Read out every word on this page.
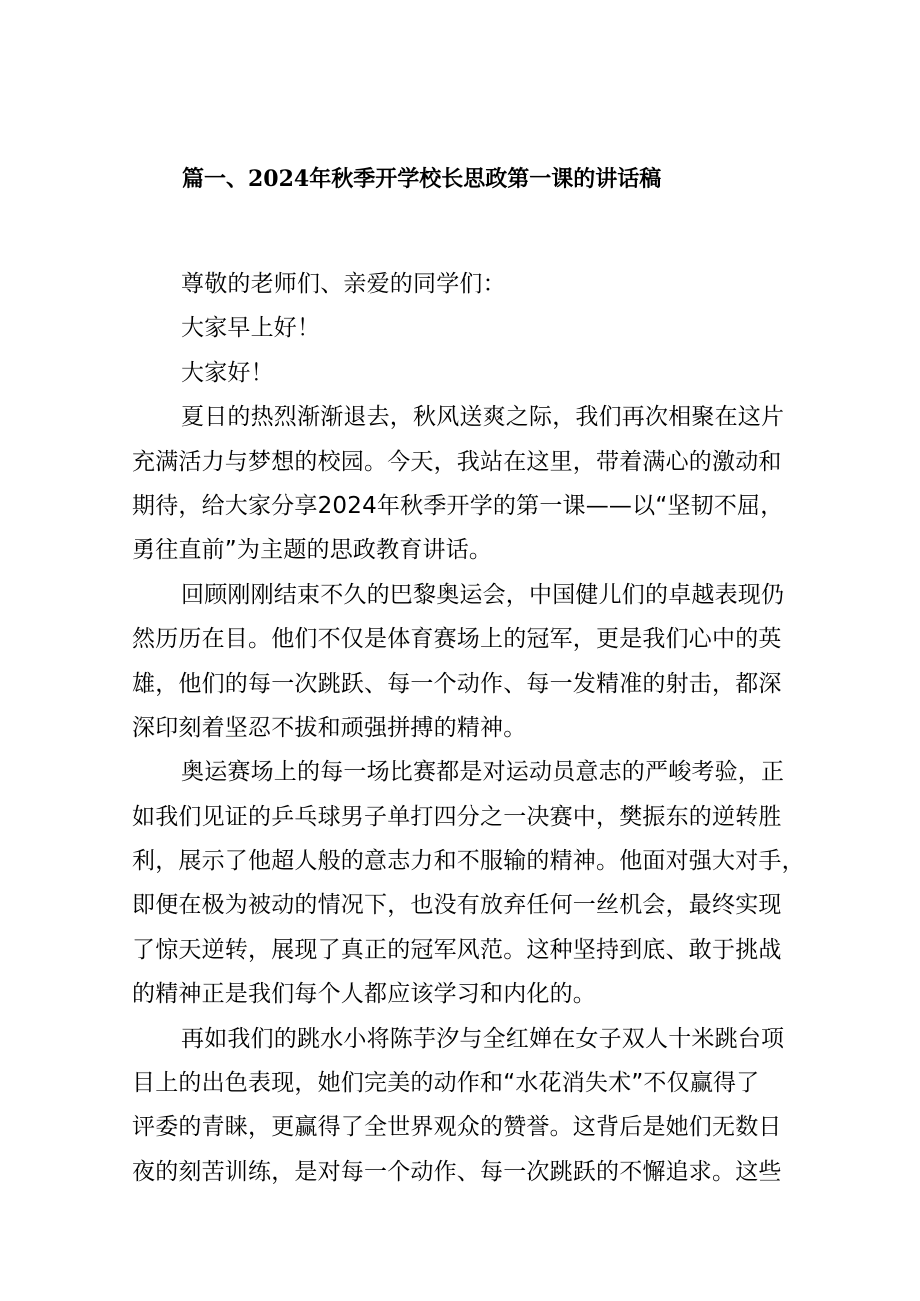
篇一、2024年秋季开学校长思政第一课的讲话稿
尊敬的老师们、亲爱的同学们：
大家早上好！
大家好！
夏日的热烈渐渐退去，秋风送爽之际，我们再次相聚在这片
充满活力与梦想的校园。今天，我站在这里，带着满心的激动和
期待，给大家分享2024年秋季开学的第一课——以“坚韧不屈，
勇往直前”为主题的思政教育讲话。
回顾刚刚结束不久的巴黎奥运会，中国健儿们的卓越表现仍
然历历在目。他们不仅是体育赛场上的冠军，更是我们心中的英
雄，他们的每一次跳跃、每一个动作、每一发精准的射击，都深
深印刻着坚忍不拔和顽强拼搏的精神。
奥运赛场上的每一场比赛都是对运动员意志的严峻考验，正
如我们见证的乒乓球男子单打四分之一决赛中，樊振东的逆转胜
利，展示了他超人般的意志力和不服输的精神。他面对强大对手，
即便在极为被动的情况下，也没有放弃任何一丝机会，最终实现
了惊天逆转，展现了真正的冠军风范。这种坚持到底、敢于挑战
的精神正是我们每个人都应该学习和内化的。
再如我们的跳水小将陈芋汐与全红婵在女子双人十米跳台项
目上的出色表现，她们完美的动作和“水花消失术”不仅赢得了
评委的青睐，更赢得了全世界观众的赞誉。这背后是她们无数日
夜的刻苦训练，是对每一个动作、每一次跳跃的不懈追求。这些
